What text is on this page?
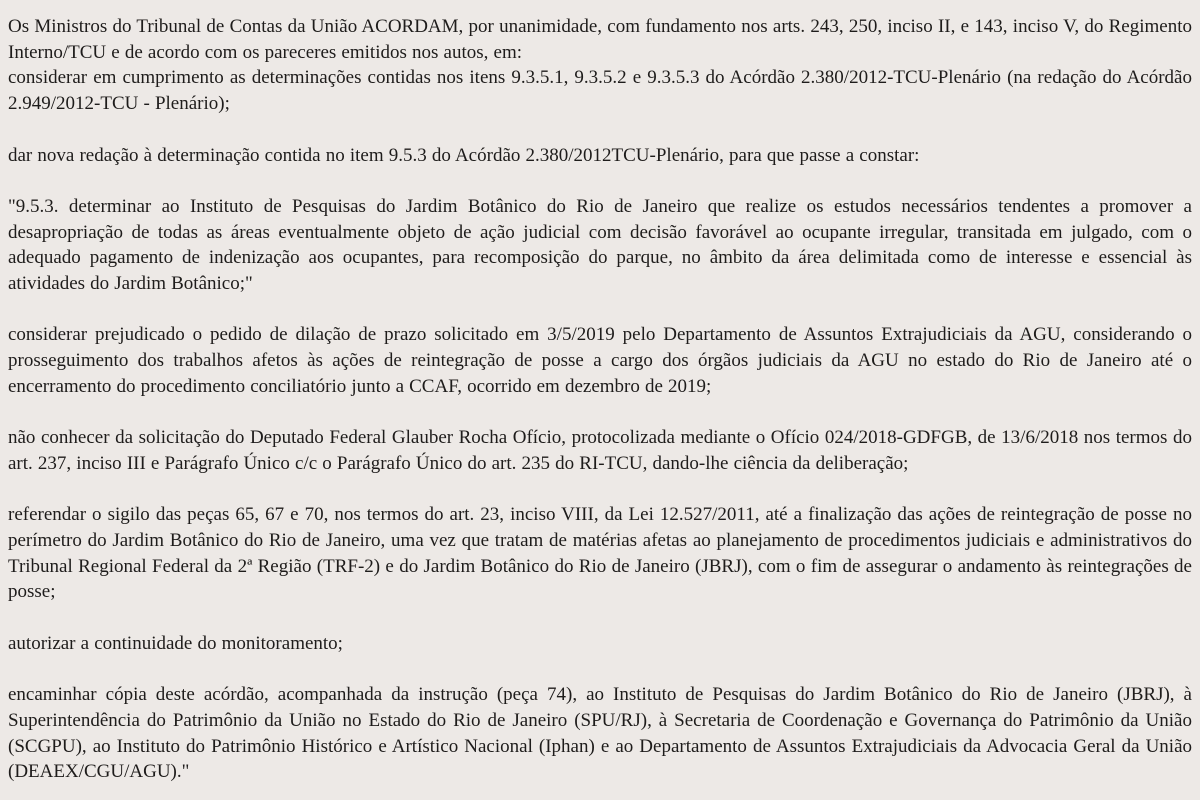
Os Ministros do Tribunal de Contas da União ACORDAM, por unanimidade, com fundamento nos arts. 243, 250, inciso II, e 143, inciso V, do Regimento Interno/TCU e de acordo com os pareceres emitidos nos autos, em:

considerar em cumprimento as determinações contidas nos itens 9.3.5.1, 9.3.5.2 e 9.3.5.3 do Acórdão 2.380/2012-TCU-Plenário (na redação do Acórdão 2.949/2012-TCU - Plenário);

dar nova redação à determinação contida no item 9.5.3 do Acórdão 2.380/2012TCU-Plenário, para que passe a constar:

"9.5.3. determinar ao Instituto de Pesquisas do Jardim Botânico do Rio de Janeiro que realize os estudos necessários tendentes a promover a desapropriação de todas as áreas eventualmente objeto de ação judicial com decisão favorável ao ocupante irregular, transitada em julgado, com o adequado pagamento de indenização aos ocupantes, para recomposição do parque, no âmbito da área delimitada como de interesse e essencial às atividades do Jardim Botânico;"

considerar prejudicado o pedido de dilação de prazo solicitado em 3/5/2019 pelo Departamento de Assuntos Extrajudiciais da AGU, considerando o prosseguimento dos trabalhos afetos às ações de reintegração de posse a cargo dos órgãos judiciais da AGU no estado do Rio de Janeiro até o encerramento do procedimento conciliatório junto a CCAF, ocorrido em dezembro de 2019;

não conhecer da solicitação do Deputado Federal Glauber Rocha Ofício, protocolizada mediante o Ofício 024/2018-GDFGB, de 13/6/2018 nos termos do art. 237, inciso III e Parágrafo Único c/c o Parágrafo Único do art. 235 do RI-TCU, dando-lhe ciência da deliberação;

referendar o sigilo das peças 65, 67 e 70, nos termos do art. 23, inciso VIII, da Lei 12.527/2011, até a finalização das ações de reintegração de posse no perímetro do Jardim Botânico do Rio de Janeiro, uma vez que tratam de matérias afetas ao planejamento de procedimentos judiciais e administrativos do Tribunal Regional Federal da 2ª Região (TRF-2) e do Jardim Botânico do Rio de Janeiro (JBRJ), com o fim de assegurar o andamento às reintegrações de posse;

autorizar a continuidade do monitoramento;

encaminhar cópia deste acórdão, acompanhada da instrução (peça 74), ao Instituto de Pesquisas do Jardim Botânico do Rio de Janeiro (JBRJ), à Superintendência do Patrimônio da União no Estado do Rio de Janeiro (SPU/RJ), à Secretaria de Coordenação e Governança do Patrimônio da União (SCGPU), ao Instituto do Patrimônio Histórico e Artístico Nacional (Iphan) e ao Departamento de Assuntos Extrajudiciais da Advocacia Geral da União (DEAEX/CGU/AGU)."
